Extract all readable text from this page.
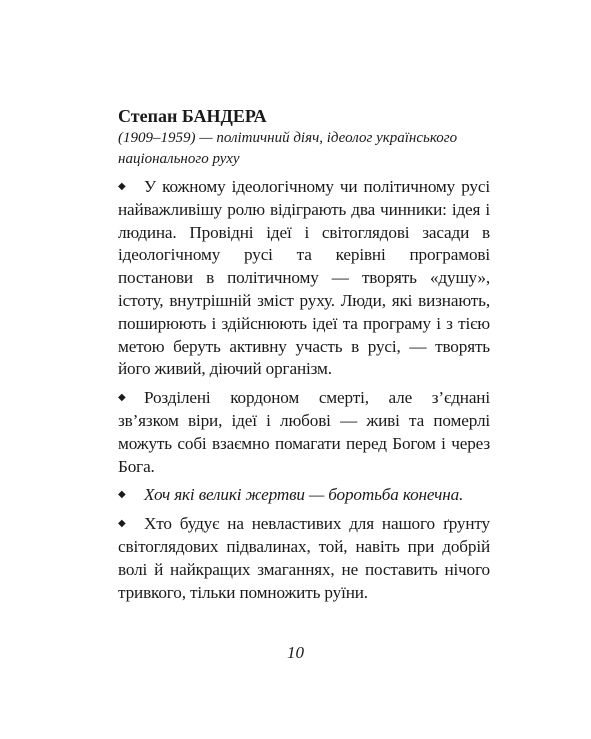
Степан БАНДЕРА

(1909–1959) — політичний діяч, ідеолог українського національного руху

◆	У кожному ідеологічному чи політичному русі найважливішу ролю відіграють два чинники: ідея і людина. Провідні ідеї і світоглядові засади в ідеологічному русі та керівні програмові постанови в політичному — творять «душу», істоту, внутрішній зміст руху. Люди, які визнають, поширюють і здійснюють ідеї та програму і з тією метою беруть активну участь в русі, — творять його живий, діючий організм.
◆	Розділені кордоном смерті, але з’єднані зв’язком віри, ідеї і любові — живі та померлі можуть собі взаємно помагати перед Богом і через Бога.
◆	Хоч які великі жертви — боротьба конечна.
◆	Хто будує на невластивих для нашого ґрунту світоглядових підвалинах, той, навіть при добрій волі й найкращих змаганнях, не поставить нічого тривкого, тільки помножить руїни.
10
